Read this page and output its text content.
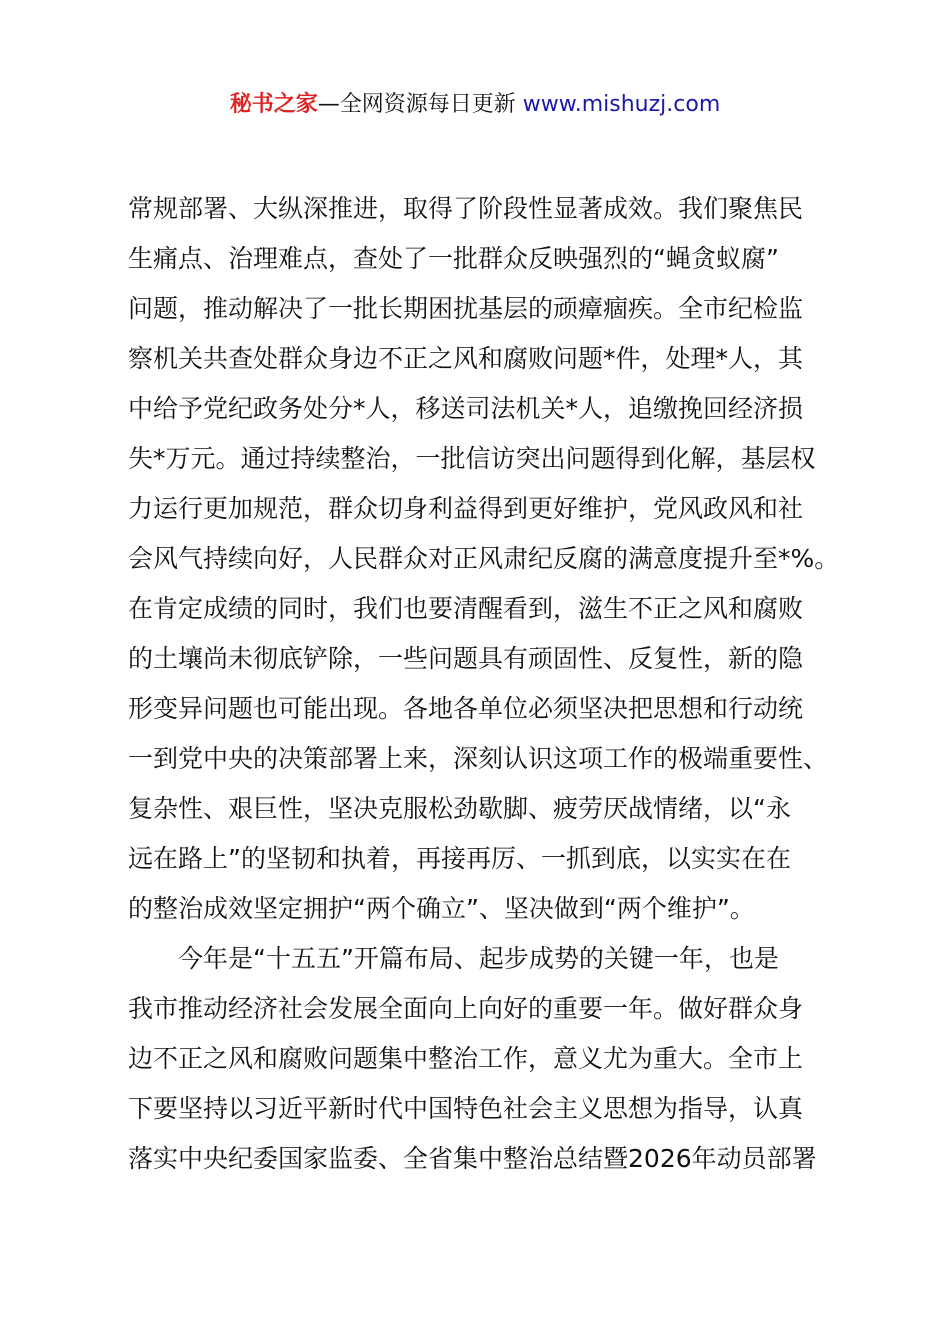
秘书之家—全网资源每日更新 www.mishuzj.com
常规部署、大纵深推进，取得了阶段性显著成效。我们聚焦民
生痛点、治理难点，查处了一批群众反映强烈的“蝇贪蚁腐”
问题，推动解决了一批长期困扰基层的顽瘴痼疾。全市纪检监
察机关共查处群众身边不正之风和腐败问题*件，处理*人，其
中给予党纪政务处分*人，移送司法机关*人，追缴挽回经济损
失*万元。通过持续整治，一批信访突出问题得到化解，基层权
力运行更加规范，群众切身利益得到更好维护，党风政风和社
会风气持续向好，人民群众对正风肃纪反腐的满意度提升至*%。
在肯定成绩的同时，我们也要清醒看到，滋生不正之风和腐败
的土壤尚未彻底铲除，一些问题具有顽固性、反复性，新的隐
形变异问题也可能出现。各地各单位必须坚决把思想和行动统
一到党中央的决策部署上来，深刻认识这项工作的极端重要性、
复杂性、艰巨性，坚决克服松劲歇脚、疲劳厌战情绪，以“永
远在路上”的坚韧和执着，再接再厉、一抓到底，以实实在在
的整治成效坚定拥护“两个确立”、坚决做到“两个维护”。
今年是“十五五”开篇布局、起步成势的关键一年，也是
我市推动经济社会发展全面向上向好的重要一年。做好群众身
边不正之风和腐败问题集中整治工作，意义尤为重大。全市上
下要坚持以习近平新时代中国特色社会主义思想为指导，认真
落实中央纪委国家监委、全省集中整治总结暨2026年动员部署
